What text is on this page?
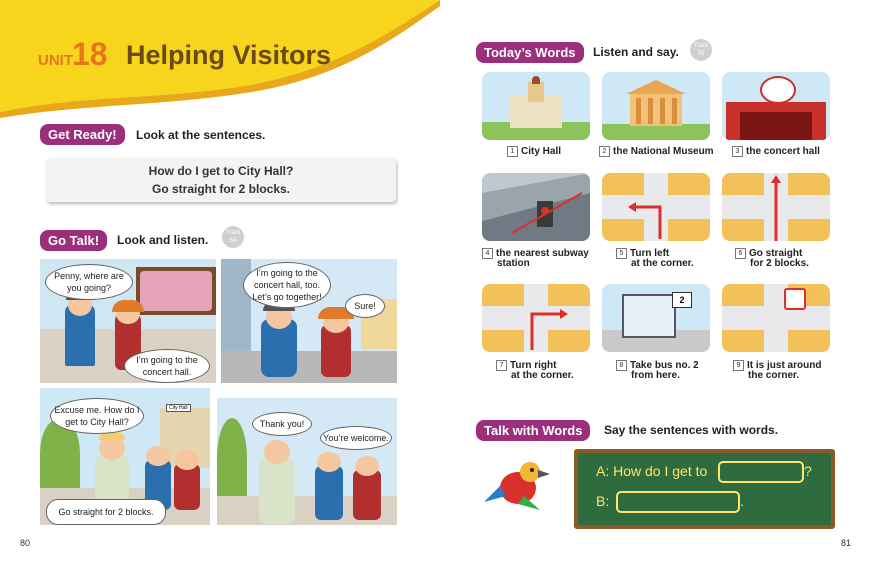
UNIT 18 Helping Visitors
Get Ready!	Look at the sentences.
How do I get to City Hall?
Go straight for 2 blocks.
Go Talk!	Look and listen.	Track
54
Penny, where are you going?
I’m going to the concert hall.
I’m going to the concert hall, too. Let’s go together!
Sure!
Excuse me. How do I get to City Hall?
City Hall
Go straight for 2 blocks.
Thank you!
You’re welcome.
80
Today’s Words	Listen and say.	Track
55
1 City Hall	2 the National Museum	3 the concert hall
4 the nearest subway
station
5 Turn left
at the corner.
6 Go straight
for 2 blocks.
2
7 Turn right
at the corner.
8 Take bus no. 2
from here.
9 It is just around
the corner.
Talk with Words	Say the sentences with words.
A: How do I get to	?
B:	.
81
